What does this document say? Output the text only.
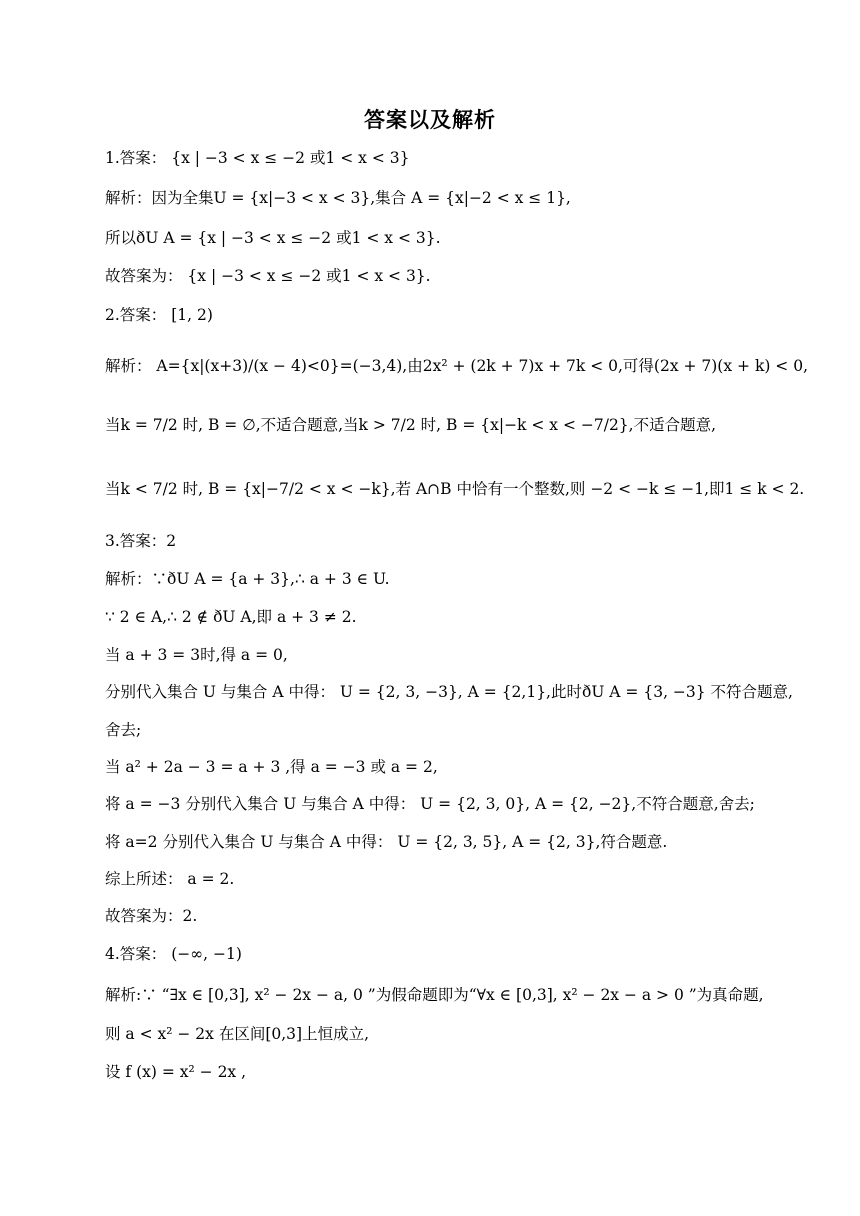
答案以及解析
1.答案： {x | −3 < x ≤ −2 或1 < x < 3}
解析：因为全集U = {x|−3 < x < 3},集合 A = {x|−2 < x ≤ 1},
所以ðU A = {x | −3 < x ≤ −2 或1 < x < 3}.
故答案为： {x | −3 < x ≤ −2 或1 < x < 3}.
2.答案： [1, 2)
解析： A={x|(x+3)/(x − 4)<0}=(−3,4),由2x² + (2k + 7)x + 7k < 0,可得(2x + 7)(x + k) < 0,
当k = 7/2 时, B = ∅,不适合题意,当k > 7/2 时, B = {x|−k < x < −7/2},不适合题意,
当k < 7/2 时, B = {x|−7/2 < x < −k},若 A∩B 中恰有一个整数,则 −2 < −k ≤ −1,即1 ≤ k < 2.
3.答案：2
解析：∵ðU A = {a + 3},∴ a + 3 ∈ U.
∵ 2 ∈ A,∴ 2 ∉ ðU A,即 a + 3 ≠ 2.
当 a + 3 = 3时,得 a = 0,
分别代入集合 U 与集合 A 中得： U = {2, 3, −3}, A = {2,1},此时ðU A = {3, −3} 不符合题意,
舍去;
当 a² + 2a − 3 = a + 3 ,得 a = −3 或 a = 2,
将 a = −3 分别代入集合 U 与集合 A 中得： U = {2, 3, 0}, A = {2, −2},不符合题意,舍去;
将 a=2 分别代入集合 U 与集合 A 中得： U = {2, 3, 5}, A = {2, 3},符合题意.
综上所述： a = 2.
故答案为：2.
4.答案： (−∞, −1)
解析:∵ “∃x ∈ [0,3], x² − 2x − a, 0 ”为假命题即为“∀x ∈ [0,3], x² − 2x − a > 0 ”为真命题,
则 a < x² − 2x 在区间[0,3]上恒成立,
设 f (x) = x² − 2x ,
